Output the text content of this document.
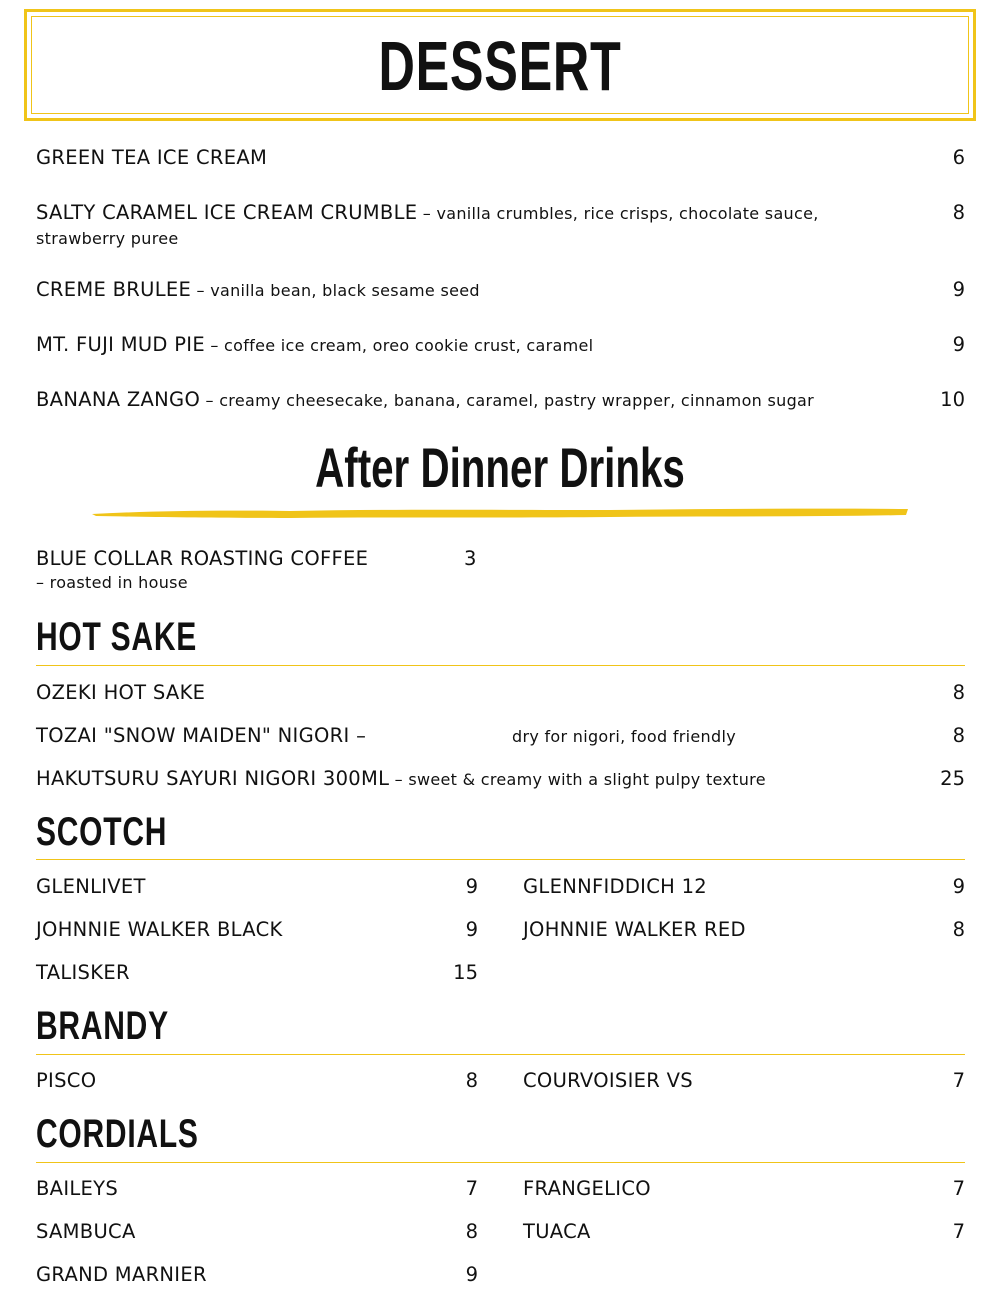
DESSERT
GREEN TEA ICE CREAM	6
SALTY CARAMEL ICE CREAM CRUMBLE – vanilla crumbles, rice crisps, chocolate sauce, strawberry puree
8
CREME BRULEE – vanilla bean, black sesame seed	9
MT. FUJI MUD PIE – coffee ice cream, oreo cookie crust, caramel	9
BANANA ZANGO – creamy cheesecake, banana, caramel, pastry wrapper, cinnamon sugar	10
After Dinner Drinks
BLUE COLLAR ROASTING COFFEE
– roasted in house
3
HOT SAKE
OZEKI HOT SAKE	8
TOZAI "SNOW MAIDEN" NIGORI –	dry for nigori, food friendly	8
HAKUTSURU SAYURI NIGORI 300ML – sweet & creamy with a slight pulpy texture	25
SCOTCH
GLENLIVET	9 GLENNFIDDICH 12	9
JOHNNIE WALKER BLACK	9 JOHNNIE WALKER RED	8
TALISKER	15
BRANDY
PISCO	8 COURVOISIER VS	7
CORDIALS
BAILEYS	7 FRANGELICO	7
SAMBUCA	8 TUACA	7
GRAND MARNIER	9
